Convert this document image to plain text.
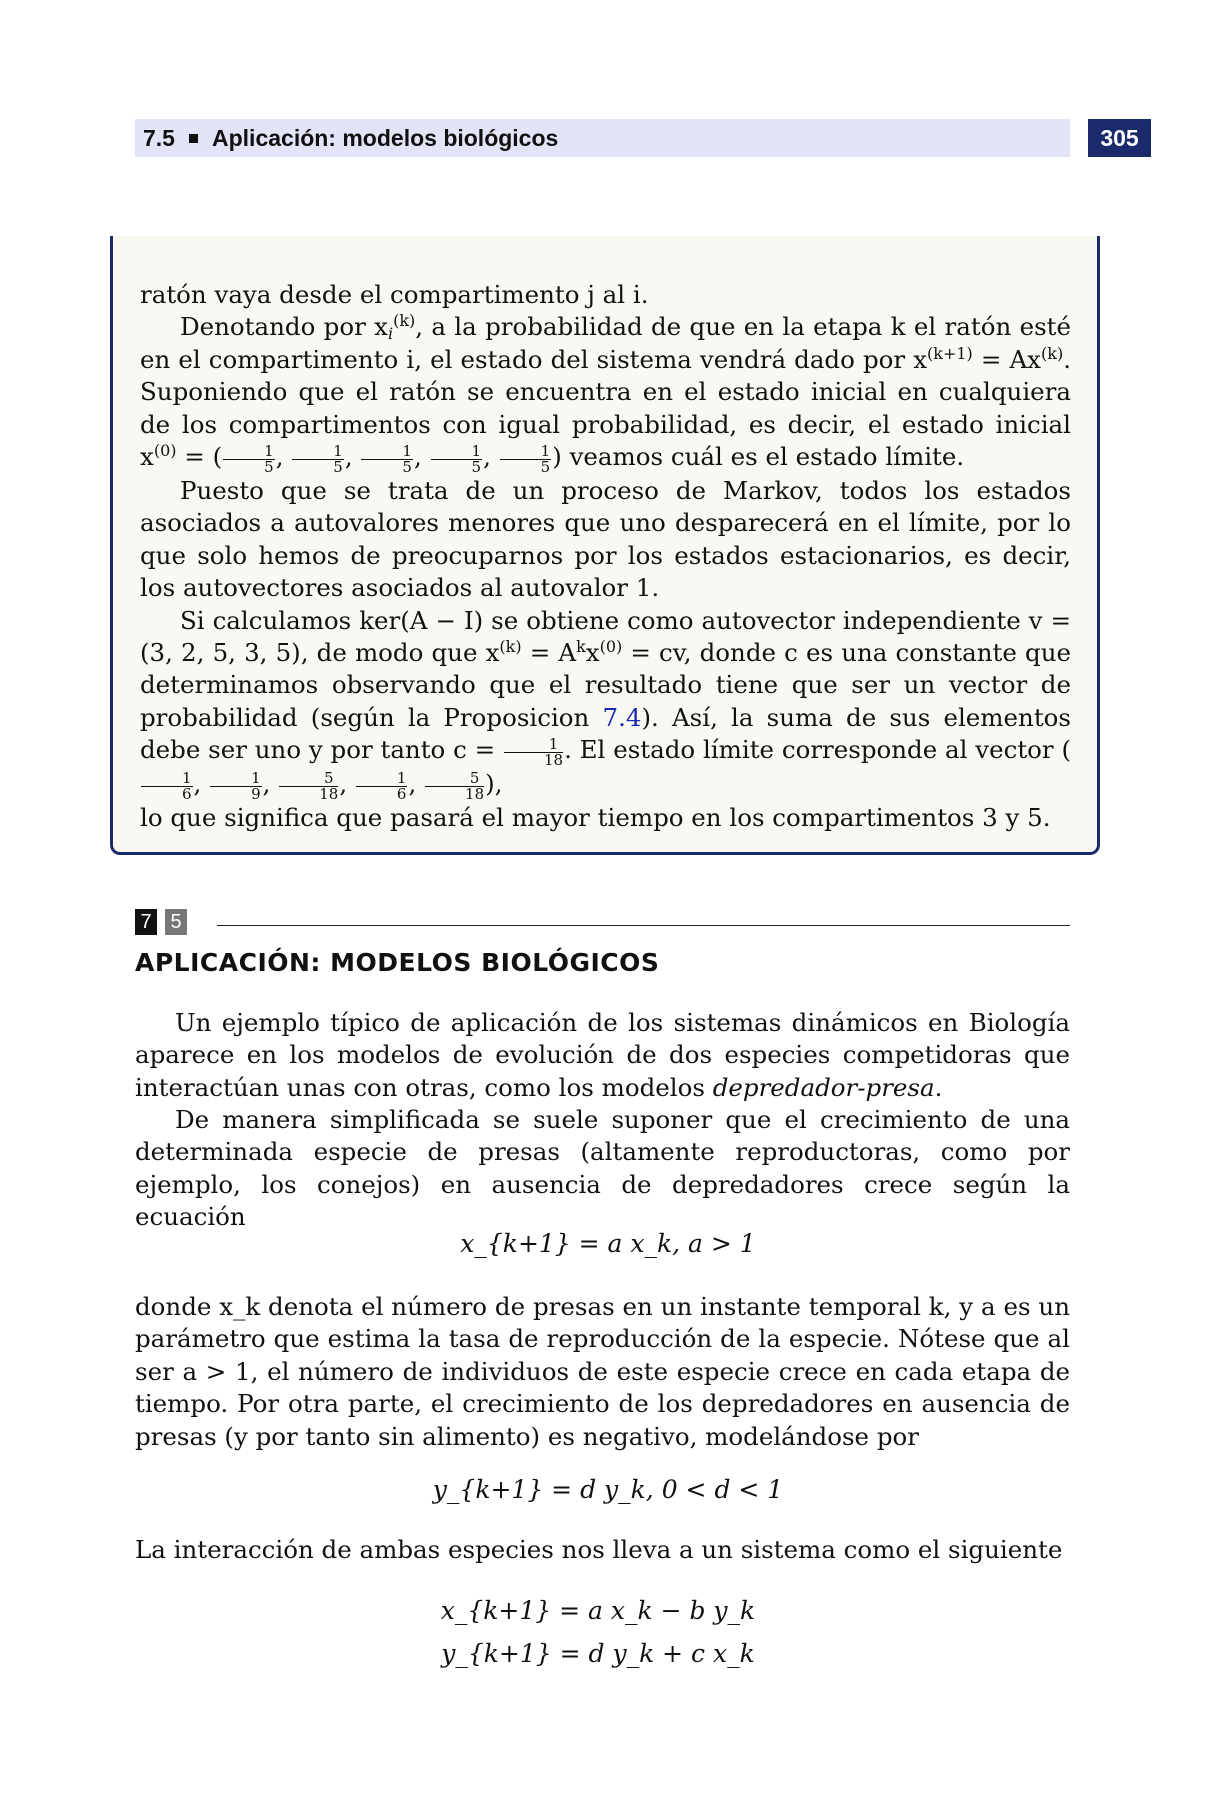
7.5 Aplicación: modelos biológicos	305

ratón vaya desde el compartimento j al i.

Denotando por $x_i^{(k)}$, a la probabilidad de que en la etapa k el ratón esté en el compartimento i, el estado del sistema vendrá dado por $x^{(k+1)} = Ax^{(k)}$. Suponiendo que el ratón se encuentra en el estado inicial en cualquiera de los compartimentos con igual probabilidad, es decir, el estado inicial $x^{(0)}$ = ( $\frac{1}{5}$ , $\frac{1}{5}$ , $\frac{1}{5}$ , $\frac{1}{5}$ , $\frac{1}{5}$ ) veamos cuál es el estado límite.

Puesto que se trata de un proceso de Markov, todos los estados asociados a autovalores menores que uno desparecerá en el límite, por lo que solo hemos de preocuparnos por los estados estacionarios, es decir, los autovectores asociados al autovalor 1.

Si calculamos ker(A − I) se obtiene como autovector independiente v = (3, 2, 5, 3, 5), de modo que $x^{(k)} = A^kx^{(0)}$ = cv, donde c es una constante que determinamos observando que el resultado tiene que ser un vector de probabilidad (según la Proposicion 7.4). Así, la suma de sus elementos debe ser uno y por tanto $c = \frac{1}{18}$ . El estado límite corresponde al vector (
$\frac{1}{6}$ , $\frac{1}{9}$ , $\frac{5}{18}$ , $\frac{1}{6}$ , $\frac{5}{18}$ ),

lo que significa que pasará el mayor tiempo en los compartimentos 3 y 5.

7 5
APLICACIÓN: MODELOS BIOLÓGICOS
Un ejemplo típico de aplicación de los sistemas dinámicos en Biología aparece en los modelos de evolución de dos especies competidoras que interactúan unas con otras, como los modelos depredador-presa.
De manera simplificada se suele suponer que el crecimiento de una determinada especie de presas (altamente reproductoras, como por ejemplo, los conejos) en ausencia de depredadores crece según la ecuación
x_{k+1} = a x_k, a > 1
donde x_k denota el número de presas en un instante temporal k, y a es un parámetro que estima la tasa de reproducción de la especie. Nótese que al ser a > 1, el número de individuos de este especie crece en cada etapa de tiempo. Por otra parte, el crecimiento de los depredadores en ausencia de presas (y por tanto sin alimento) es negativo, modelándose por
y_{k+1} = d y_k, 0 < d < 1
La interacción de ambas especies nos lleva a un sistema como el siguiente
x_{k+1} = a x_k − b y_k
y_{k+1} = d y_k + c x_k
